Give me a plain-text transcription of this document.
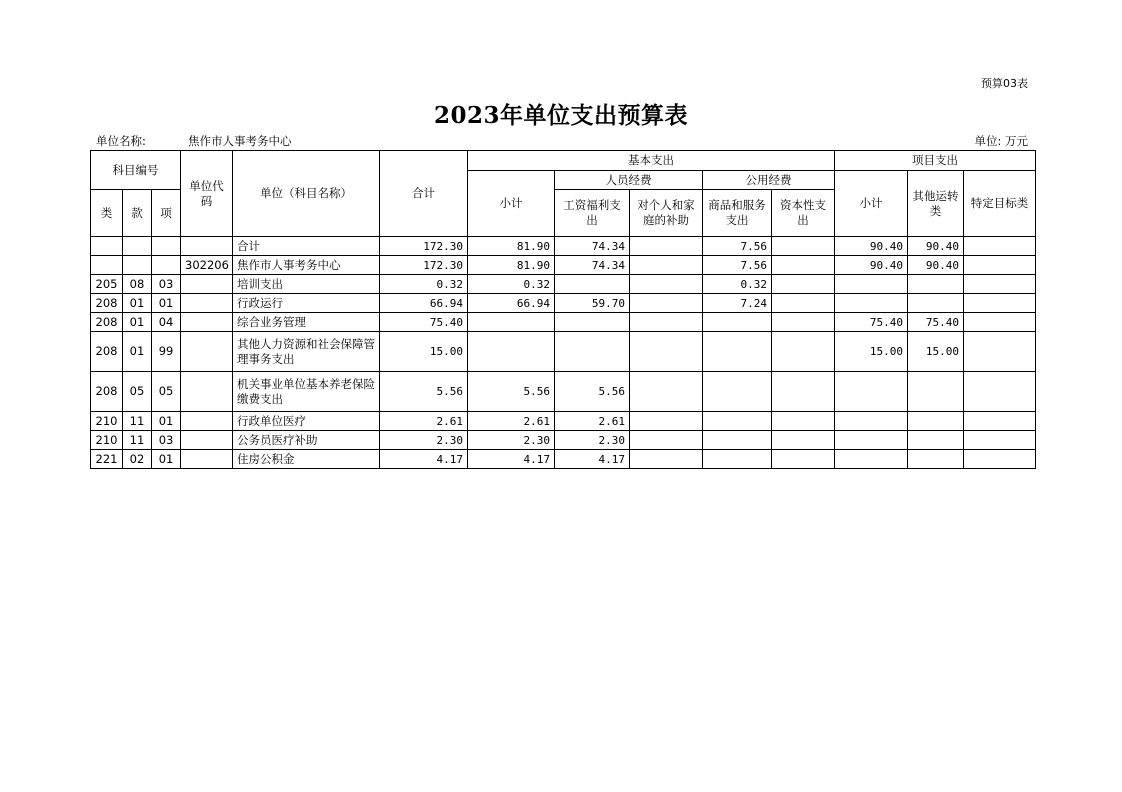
预算03表
2023年单位支出预算表
单位名称:	焦作市人事考务中心	单位: 万元
科目编号			单位代码	单位（科目名称）	合计	基本支出					项目支出		
						小计	人员经费		公用经费		小计	其他运转类	特定目标类
类	款	项					工资福利支出	对个人和家庭的补助	商品和服务支出	资本性支出			
				合计	172.30	81.90	74.34		7.56		90.40	90.40	
			302206	焦作市人事考务中心	172.30	81.90	74.34		7.56		90.40	90.40	
205	08	03		培训支出	0.32	0.32			0.32				
208	01	01		行政运行	66.94	66.94	59.70		7.24				
208	01	04		综合业务管理	75.40						75.40	75.40	
208	01	99		其他人力资源和社会保障管理事务支出	15.00						15.00	15.00	
208	05	05		机关事业单位基本养老保险缴费支出	5.56	5.56	5.56						
210	11	01		行政单位医疗	2.61	2.61	2.61						
210	11	03		公务员医疗补助	2.30	2.30	2.30						
221	02	01		住房公积金	4.17	4.17	4.17						
